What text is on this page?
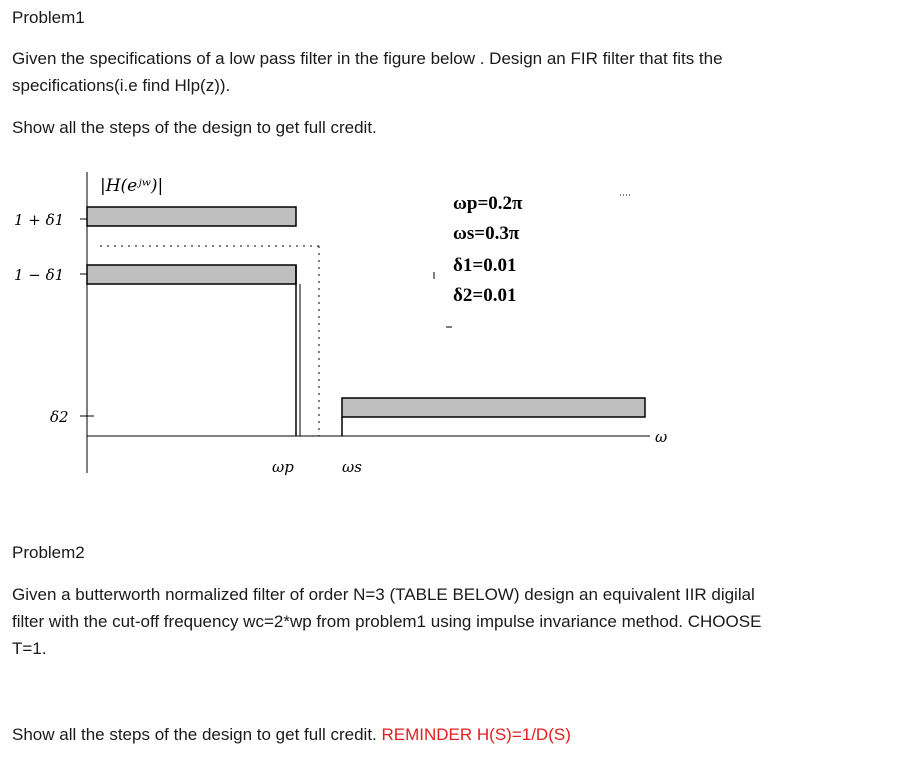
Problem1
Given the specifications of a low pass filter in the figure below . Design an FIR filter that fits the
specifications(i.e find Hlp(z)).
Show all the steps of the design to get full credit.
|H(eʲʷ)|
1 + δ1
1 − δ1
δ2
ωp	ωs
ω
ωp=0.2π
ωs=0.3π
δ1=0.01
δ2=0.01
Problem2
Given a butterworth normalized filter of order N=3 (TABLE BELOW) design an equivalent IIR digilal
filter with the cut-off frequency wc=2*wp from problem1 using impulse invariance method. CHOOSE
T=1.
Show all the steps of the design to get full credit. REMINDER H(S)=1/D(S)
